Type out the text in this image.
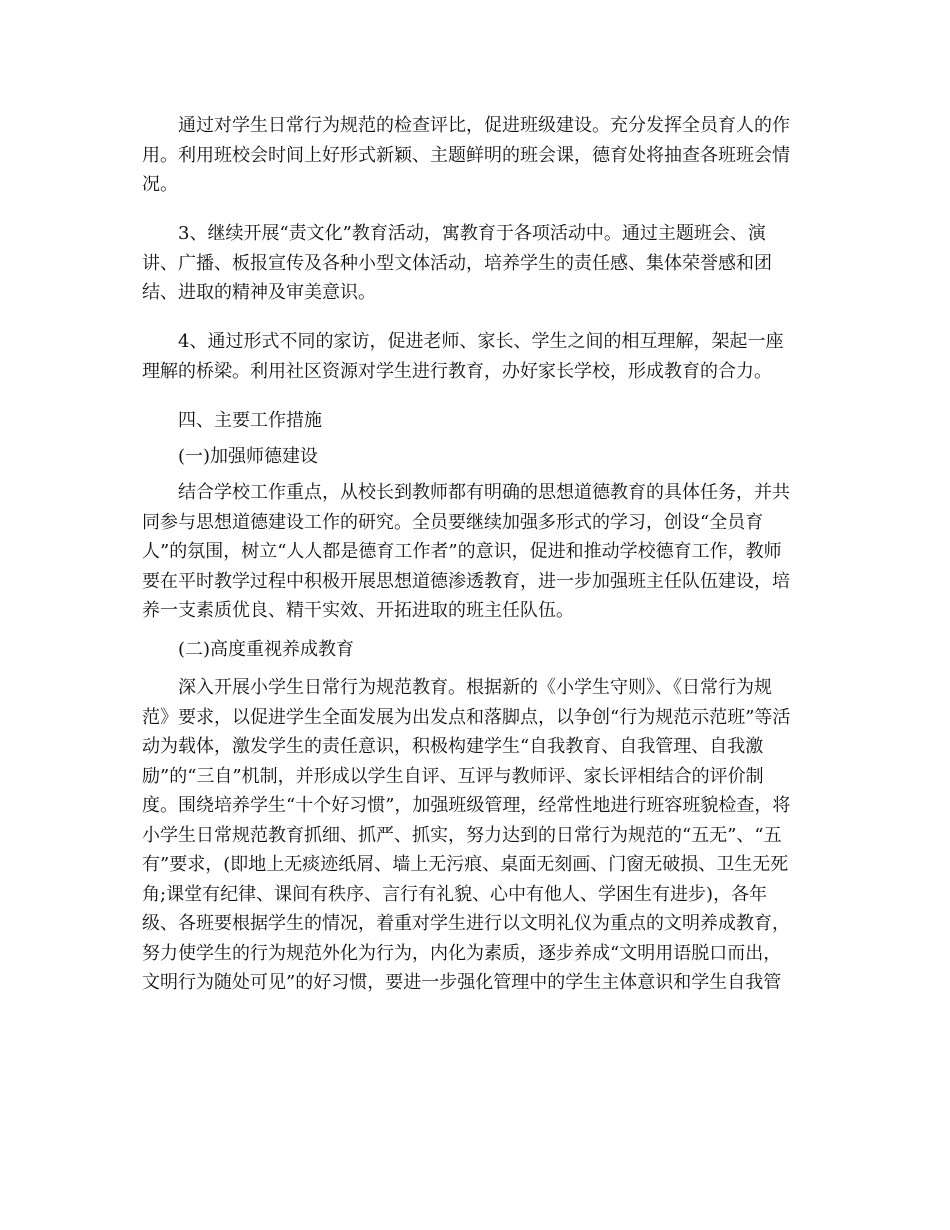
通过对学生日常行为规范的检查评比，促进班级建设。充分发挥全员育人的作
用。利用班校会时间上好形式新颖、主题鲜明的班会课，德育处将抽查各班班会情
况。
3、继续开展“责文化”教育活动，寓教育于各项活动中。通过主题班会、演
讲、广播、板报宣传及各种小型文体活动，培养学生的责任感、集体荣誉感和团
结、进取的精神及审美意识。
4、通过形式不同的家访，促进老师、家长、学生之间的相互理解，架起一座
理解的桥梁。利用社区资源对学生进行教育，办好家长学校，形成教育的合力。
四、主要工作措施
(一)加强师德建设
结合学校工作重点，从校长到教师都有明确的思想道德教育的具体任务，并共
同参与思想道德建设工作的研究。全员要继续加强多形式的学习，创设“全员育
人”的氛围，树立“人人都是德育工作者”的意识，促进和推动学校德育工作，教师
要在平时教学过程中积极开展思想道德渗透教育，进一步加强班主任队伍建设，培
养一支素质优良、精干实效、开拓进取的班主任队伍。
(二)高度重视养成教育
深入开展小学生日常行为规范教育。根据新的《小学生守则》、《日常行为规
范》要求，以促进学生全面发展为出发点和落脚点，以争创“行为规范示范班”等活
动为载体，激发学生的责任意识，积极构建学生“自我教育、自我管理、自我激
励”的“三自”机制，并形成以学生自评、互评与教师评、家长评相结合的评价制
度。围绕培养学生“十个好习惯”，加强班级管理，经常性地进行班容班貌检查，将
小学生日常规范教育抓细、抓严、抓实，努力达到的日常行为规范的“五无”、“五
有”要求，(即地上无痰迹纸屑、墙上无污痕、桌面无刻画、门窗无破损、卫生无死
角;课堂有纪律、课间有秩序、言行有礼貌、心中有他人、学困生有进步)，各年
级、各班要根据学生的情况，着重对学生进行以文明礼仪为重点的文明养成教育，
努力使学生的行为规范外化为行为，内化为素质，逐步养成“文明用语脱口而出，
文明行为随处可见”的好习惯，要进一步强化管理中的学生主体意识和学生自我管
